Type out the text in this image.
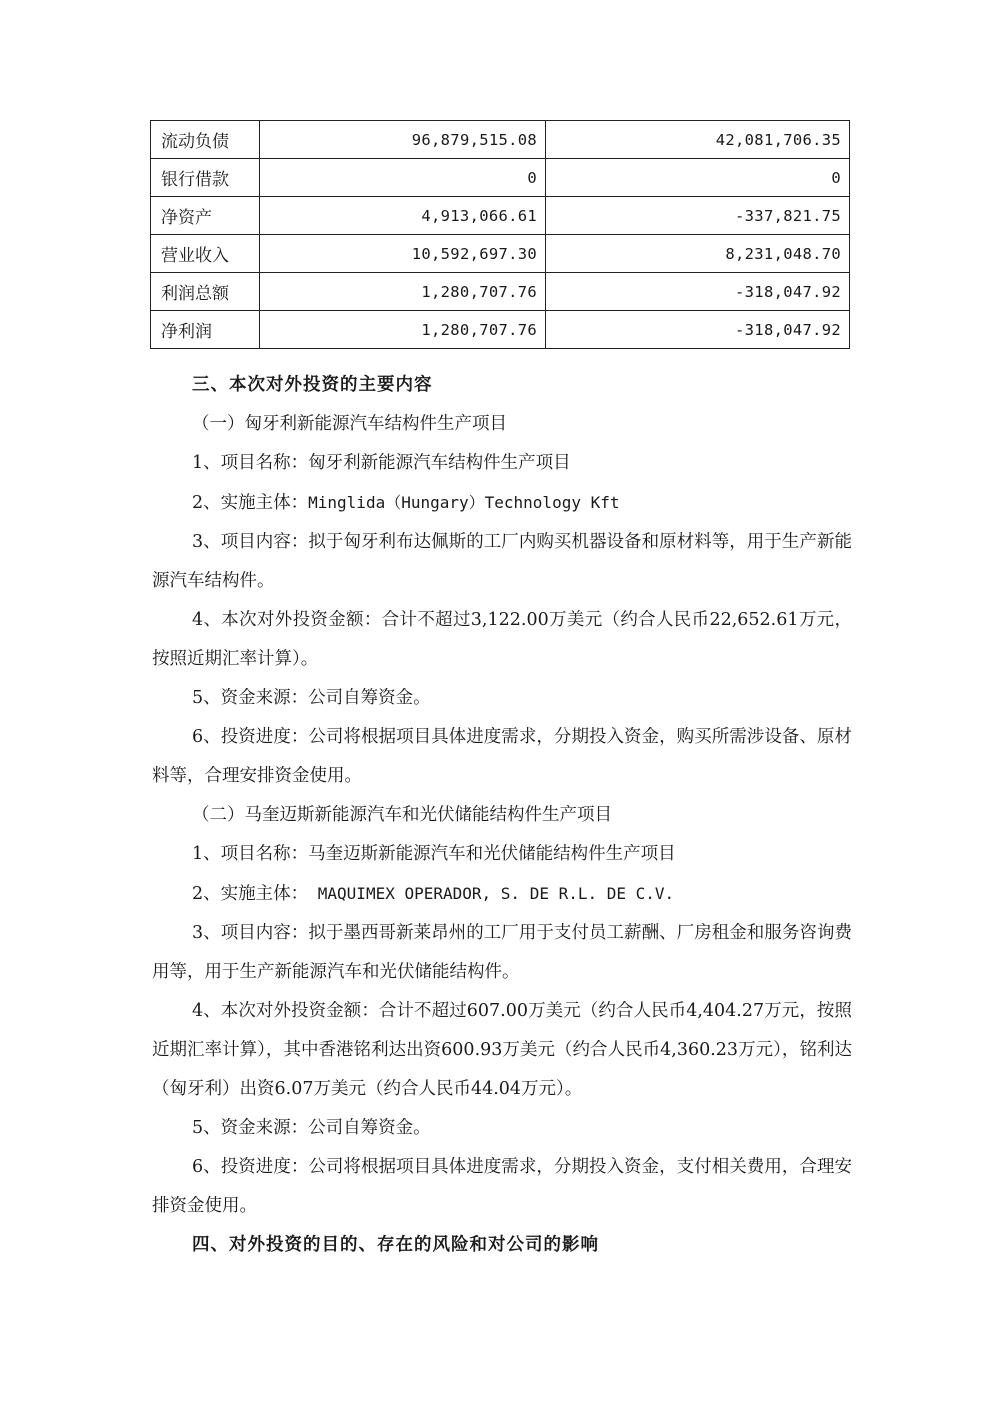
流动负债	96,879,515.08	42,081,706.35
银行借款	0	0
净资产	4,913,066.61	-337,821.75
营业收入	10,592,697.30	8,231,048.70
利润总额	1,280,707.76	-318,047.92
净利润	1,280,707.76	-318,047.92

三、本次对外投资的主要内容

（一）匈牙利新能源汽车结构件生产项目

1、项目名称：匈牙利新能源汽车结构件生产项目

2、实施主体：Minglida（Hungary）Technology Kft

3、项目内容：拟于匈牙利布达佩斯的工厂内购买机器设备和原材料等，用于生产新能源汽车结构件。

4、本次对外投资金额：合计不超过3,122.00万美元（约合人民币22,652.61万元，按照近期汇率计算）。

5、资金来源：公司自筹资金。

6、投资进度：公司将根据项目具体进度需求，分期投入资金，购买所需涉设备、原材料等，合理安排资金使用。

（二）马奎迈斯新能源汽车和光伏储能结构件生产项目

1、项目名称：马奎迈斯新能源汽车和光伏储能结构件生产项目

2、实施主体： MAQUIMEX OPERADOR, S. DE R.L. DE C.V.

3、项目内容：拟于墨西哥新莱昂州的工厂用于支付员工薪酬、厂房租金和服务咨询费用等，用于生产新能源汽车和光伏储能结构件。

4、本次对外投资金额：合计不超过607.00万美元（约合人民币4,404.27万元，按照近期汇率计算），其中香港铭利达出资600.93万美元（约合人民币4,360.23万元），铭利达（匈牙利）出资6.07万美元（约合人民币44.04万元）。

5、资金来源：公司自筹资金。

6、投资进度：公司将根据项目具体进度需求，分期投入资金，支付相关费用，合理安排资金使用。

四、对外投资的目的、存在的风险和对公司的影响
